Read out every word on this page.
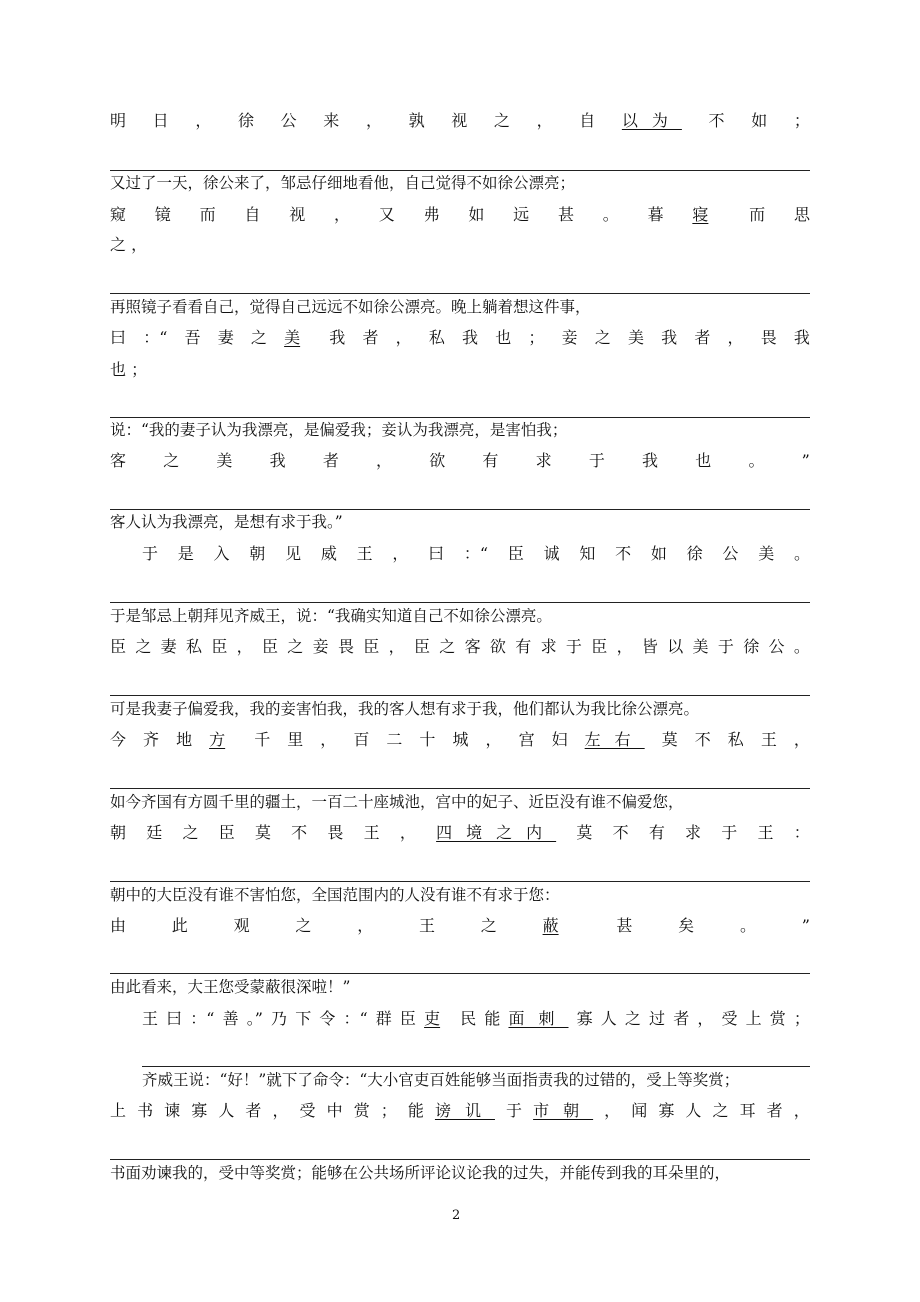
明 日 ， 徐 公 来 ， 孰 视 之 ， 自 以为 不 如 ；
窥 镜 而 自 视 ， 又 弗 如 远 甚 。 暮 寝	而 思
之 ，
曰 ：“ 吾 妻 之 美	我 者 ， 私 我 也 ； 妾 之 美 我 者 ， 畏 我
也 ；
客 之 美 我 者 ， 欲 有 求 于 我 也 。 ”
于 是 入 朝 见 威 王 ， 曰 ：“ 臣 诚 知 不 如 徐 公 美 。
臣 之 妻 私 臣 ， 臣 之 妾 畏 臣 ， 臣 之 客 欲 有 求 于 臣 ， 皆 以 美 于 徐 公 。
今 齐 地 方	千 里 ， 百 二 十 城 ， 宫 妇 左右 莫 不 私 王 ，
朝 廷 之 臣 莫 不 畏 王 ， 四境之内 莫 不 有 求 于 王 ：
由	此	观	之	，	王	之	蔽	甚	矣	。	”
王 曰 ：“ 善 。” 乃 下 令 ：“ 群 臣 吏	民 能 面刺 寡 人 之 过 者 ， 受 上 赏 ；
上 书 谏 寡 人 者 ， 受 中 赏 ； 能 谤讥 于 市朝 ， 闻 寡 人 之 耳 者 ，
又过了一天，徐公来了，邹忌仔细地看他，自己觉得不如徐公漂亮；
再照镜子看看自己，觉得自己远远不如徐公漂亮。晚上躺着想这件事，
说：“我的妻子认为我漂亮，是偏爱我；妾认为我漂亮，是害怕我；
客人认为我漂亮，是想有求于我。”
于是邹忌上朝拜见齐威王，说：“我确实知道自己不如徐公漂亮。
可是我妻子偏爱我，我的妾害怕我，我的客人想有求于我，他们都认为我比徐公漂亮。
如今齐国有方圆千里的疆土，一百二十座城池，宫中的妃子、近臣没有谁不偏爱您，
朝中的大臣没有谁不害怕您，全国范围内的人没有谁不有求于您：
由此看来，大王您受蒙蔽很深啦！”
齐威王说：“好！”就下了命令：“大小官吏百姓能够当面指责我的过错的，受上等奖赏；
书面劝谏我的，受中等奖赏；能够在公共场所评论议论我的过失，并能传到我的耳朵里的，
2
